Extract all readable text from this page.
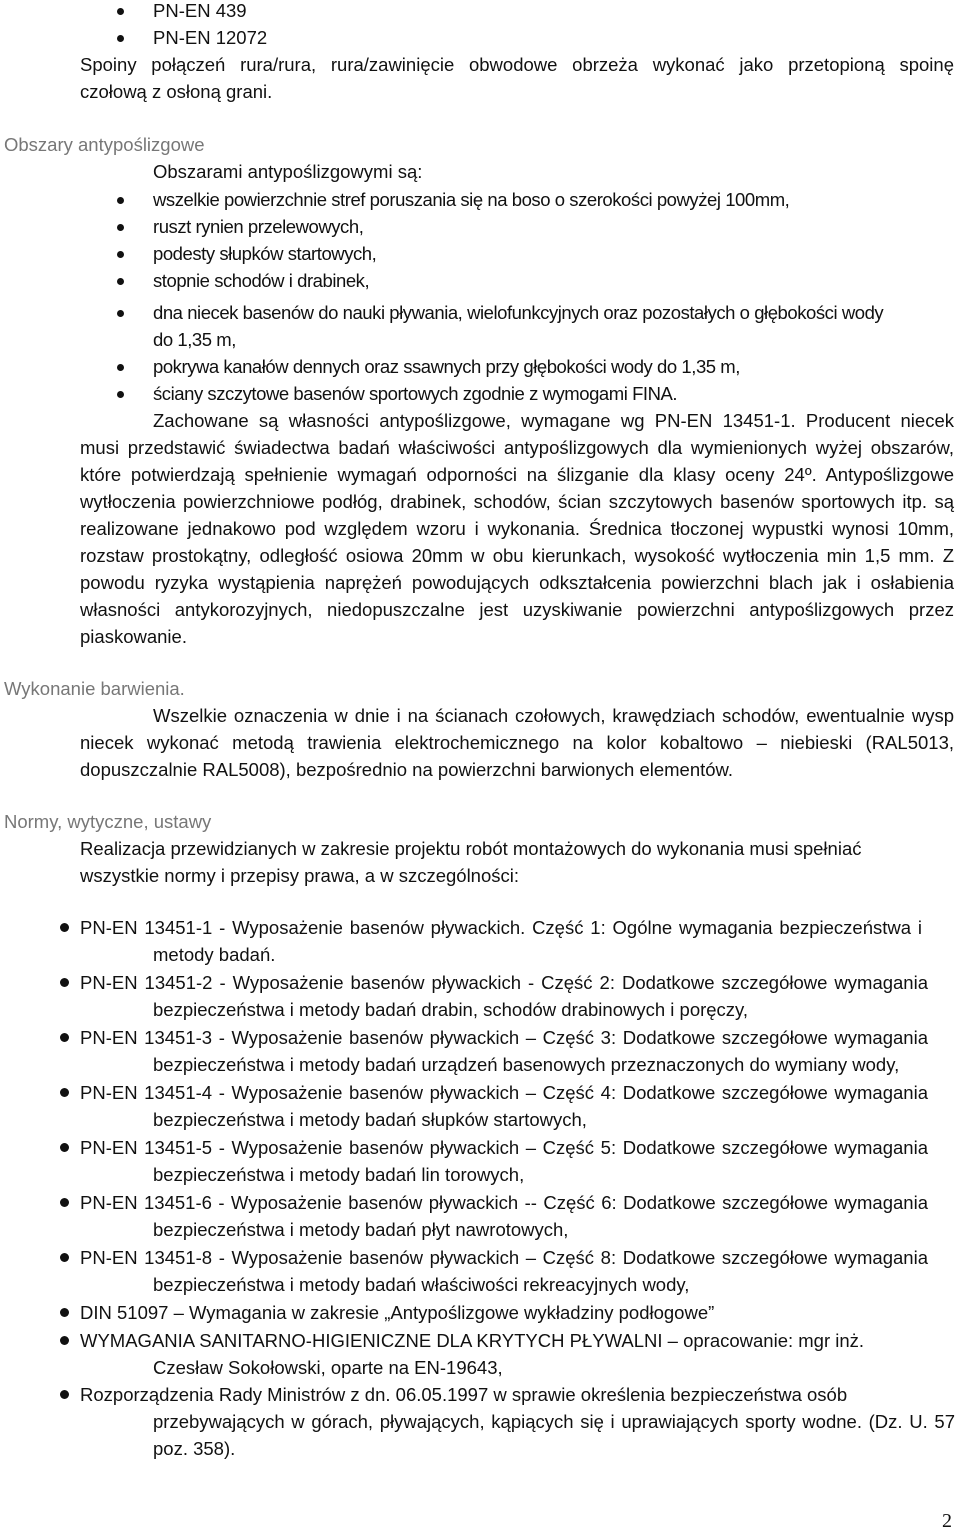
PN-EN 439
PN-EN 12072
Spoiny połączeń rura/rura, rura/zawinięcie obwodowe obrzeża wykonać jako przetopioną spoinę
czołową z osłoną grani.
Obszary antypoślizgowe
Obszarami antypoślizgowymi są:
wszelkie powierzchnie stref poruszania się na boso o szerokości powyżej 100mm,
ruszt rynien przelewowych,
podesty słupków startowych,
stopnie schodów i drabinek,
dna niecek basenów do nauki pływania, wielofunkcyjnych oraz pozostałych o głębokości wody
do 1,35 m,
pokrywa kanałów dennych oraz ssawnych przy głębokości wody do 1,35 m,
ściany szczytowe basenów sportowych zgodnie z wymogami FINA.
Zachowane są własności antypoślizgowe, wymagane wg PN-EN 13451-1. Producent niecek
musi przedstawić świadectwa badań właściwości antypoślizgowych dla wymienionych wyżej obszarów,
które potwierdzają spełnienie wymagań odporności na ślizganie dla klasy oceny 24º. Antypoślizgowe
wytłoczenia powierzchniowe podłóg, drabinek, schodów, ścian szczytowych basenów sportowych itp. są
realizowane jednakowo pod względem wzoru i wykonania. Średnica tłoczonej wypustki wynosi 10mm,
rozstaw prostokątny, odległość osiowa 20mm w obu kierunkach, wysokość wytłoczenia min 1,5 mm. Z
powodu ryzyka wystąpienia naprężeń powodujących odkształcenia powierzchni blach jak i osłabienia
własności antykorozyjnych, niedopuszczalne jest uzyskiwanie powierzchni antypoślizgowych przez
piaskowanie.
Wykonanie barwienia.
Wszelkie oznaczenia w dnie i na ścianach czołowych, krawędziach schodów, ewentualnie wysp
niecek wykonać metodą trawienia elektrochemicznego na kolor kobaltowo – niebieski (RAL5013,
dopuszczalnie RAL5008), bezpośrednio na powierzchni barwionych elementów.
Normy, wytyczne, ustawy
Realizacja przewidzianych w zakresie projektu robót montażowych do wykonania musi spełniać
wszystkie normy i przepisy prawa, a w szczególności:
PN-EN 13451-1 - Wyposażenie basenów pływackich. Część 1: Ogólne wymagania bezpieczeństwa i
metody badań.
PN-EN 13451-2 - Wyposażenie basenów pływackich - Część 2: Dodatkowe szczegółowe wymagania
bezpieczeństwa i metody badań drabin, schodów drabinowych i poręczy,
PN-EN 13451-3 - Wyposażenie basenów pływackich – Część 3: Dodatkowe szczegółowe wymagania
bezpieczeństwa i metody badań urządzeń basenowych przeznaczonych do wymiany wody,
PN-EN 13451-4 - Wyposażenie basenów pływackich – Część 4: Dodatkowe szczegółowe wymagania
bezpieczeństwa i metody badań słupków startowych,
PN-EN 13451-5 - Wyposażenie basenów pływackich – Część 5: Dodatkowe szczegółowe wymagania
bezpieczeństwa i metody badań lin torowych,
PN-EN 13451-6 - Wyposażenie basenów pływackich -- Część 6: Dodatkowe szczegółowe wymagania
bezpieczeństwa i metody badań płyt nawrotowych,
PN-EN 13451-8 - Wyposażenie basenów pływackich – Część 8: Dodatkowe szczegółowe wymagania
bezpieczeństwa i metody badań właściwości rekreacyjnych wody,
DIN 51097 – Wymagania w zakresie „Antypoślizgowe wykładziny podłogowe”
WYMAGANIA SANITARNO-HIGIENICZNE DLA KRYTYCH PŁYWALNI – opracowanie: mgr inż.
Czesław Sokołowski, oparte na EN-19643,
Rozporządzenia Rady Ministrów z dn. 06.05.1997 w sprawie określenia bezpieczeństwa osób
przebywających w górach, pływających, kąpiących się i uprawiających sporty wodne. (Dz. U. 57
poz. 358).
2
